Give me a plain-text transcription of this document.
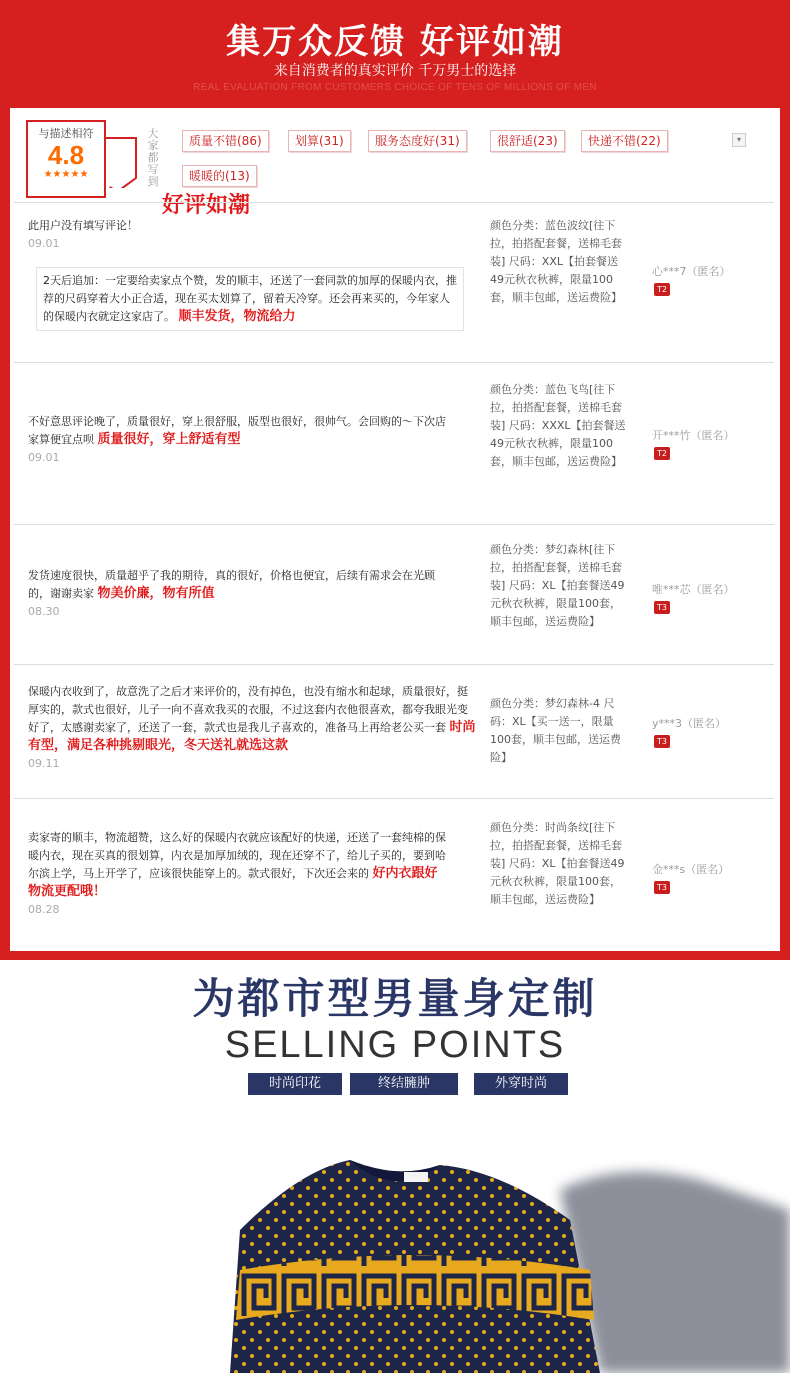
集万众反馈 好评如潮
来自消费者的真实评价 千万男士的选择
REAL EVALUATION FROM CUSTOMERS CHOICE OF TENS OF MILLIONS OF MEN
与描述相符
4.8
★★★★★
大家都写到
质量不错(86)	划算(31)	服务态度好(31)	很舒适(23)	快递不错(22)
暖暖的(13)
▾
好评如潮
此用户没有填写评论！
09.01
2天后追加：一定要给卖家点个赞，发的顺丰，还送了一套同款的加厚的保暖内衣，推荐的尺码穿着大小正合适，现在买太划算了，留着天冷穿。还会再来买的，今年家人的保暖内衣就定这家店了。 顺丰发货，物流给力
颜色分类：蓝色波纹[往下拉，拍搭配套餐，送棉毛套装] 尺码：XXL【拍套餐送49元秋衣秋裤，限量100套，顺丰包邮，送运费险】
心***7（匿名）
T2
不好意思评论晚了，质量很好，穿上很舒服，版型也很好，很帅气。会回购的～下次店家算便宜点呗 质量很好，穿上舒适有型
09.01
颜色分类：蓝色飞鸟[往下拉，拍搭配套餐，送棉毛套装] 尺码：XXXL【拍套餐送49元秋衣秋裤，限量100套，顺丰包邮，送运费险】
开***竹（匿名）
T2
发货速度很快，质量超乎了我的期待，真的很好，价格也便宜，后续有需求会在光顾的，谢谢卖家 物美价廉，物有所值
08.30
颜色分类：梦幻森林[往下拉，拍搭配套餐，送棉毛套装] 尺码：XL【拍套餐送49元秋衣秋裤，限量100套，顺丰包邮，送运费险】
唯***芯（匿名）
T3
保暖内衣收到了，故意洗了之后才来评价的，没有掉色，也没有缩水和起球，质量很好，挺厚实的，款式也很好，儿子一向不喜欢我买的衣服，不过这套内衣他很喜欢，都夸我眼光变好了，太感谢卖家了，还送了一套，款式也是我儿子喜欢的，准备马上再给老公买一套 时尚有型，满足各种挑剔眼光，冬天送礼就选这款
09.11
颜色分类：梦幻森林-4 尺码：XL【买一送一，限量100套，顺丰包邮，送运费险】
y***3（匿名）
T3
卖家寄的顺丰，物流超赞，这么好的保暖内衣就应该配好的快递，还送了一套纯棉的保暖内衣，现在买真的很划算，内衣是加厚加绒的，现在还穿不了，给儿子买的，要到哈尔滨上学，马上开学了，应该很快能穿上的。款式很好，下次还会来的 好内衣跟好物流更配哦！
08.28
颜色分类：时尚条纹[往下拉，拍搭配套餐，送棉毛套装] 尺码：XL【拍套餐送49元秋衣秋裤，限量100套，顺丰包邮，送运费险】
金***s（匿名）
T3
为都市型男量身定制
SELLING POINTS
时尚印花	终结臃肿	外穿时尚
